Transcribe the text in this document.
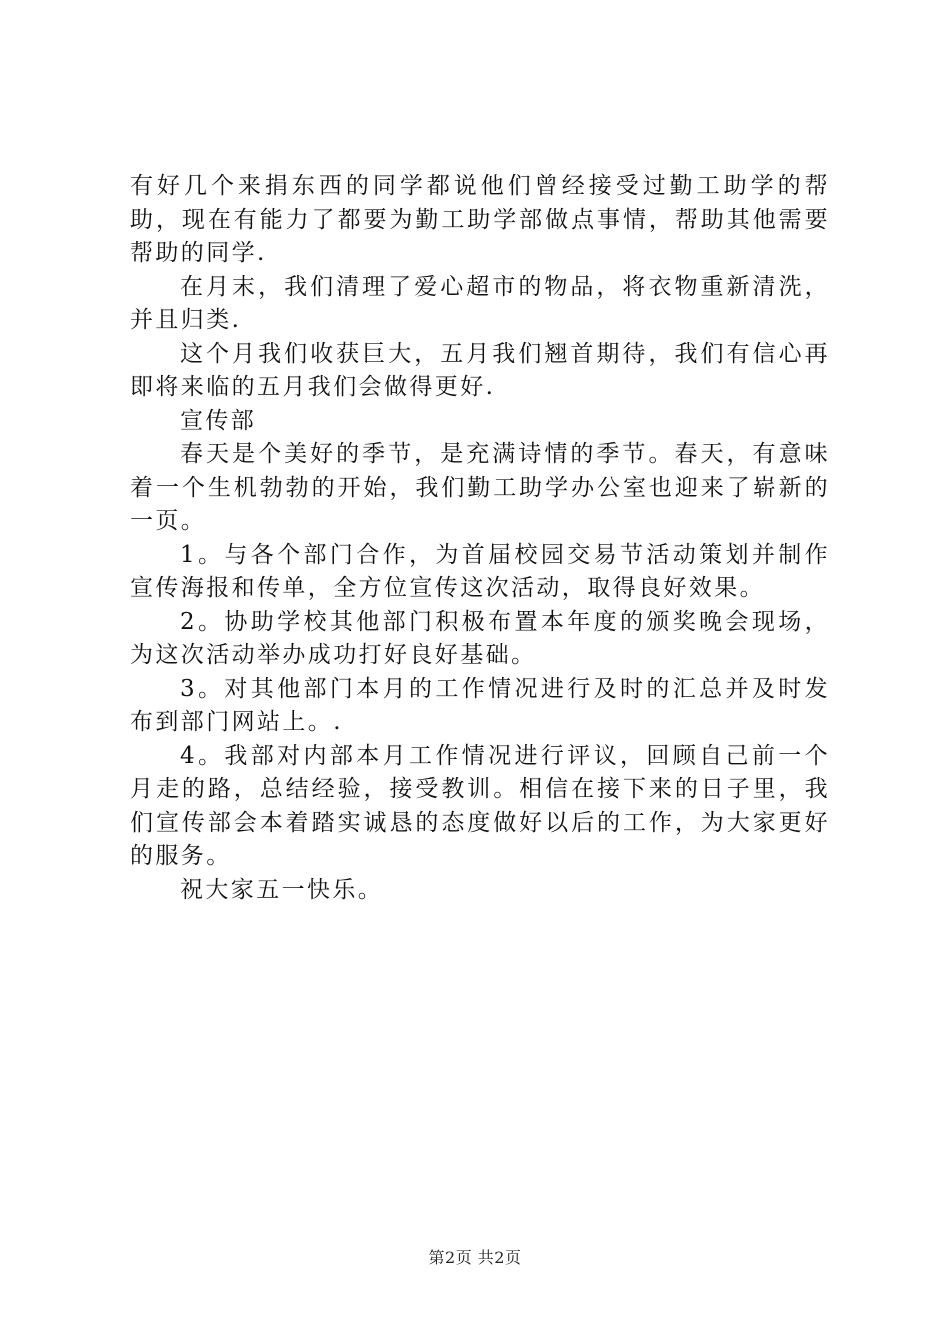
有好几个来捐东西的同学都说他们曾经接受过勤工助学的帮助，现在有能力了都要为勤工助学部做点事情，帮助其他需要帮助的同学.

在月末，我们清理了爱心超市的物品，将衣物重新清洗，并且归类.

这个月我们收获巨大，五月我们翘首期待，我们有信心再即将来临的五月我们会做得更好.

宣传部

春天是个美好的季节，是充满诗情的季节。春天，有意味着一个生机勃勃的开始，我们勤工助学办公室也迎来了崭新的一页。

1。与各个部门合作，为首届校园交易节活动策划并制作宣传海报和传单，全方位宣传这次活动，取得良好效果。

2。协助学校其他部门积极布置本年度的颁奖晚会现场，为这次活动举办成功打好良好基础。

3。对其他部门本月的工作情况进行及时的汇总并及时发布到部门网站上。.

4。我部对内部本月工作情况进行评议，回顾自己前一个月走的路，总结经验，接受教训。相信在接下来的日子里，我们宣传部会本着踏实诚恳的态度做好以后的工作，为大家更好的服务。

祝大家五一快乐。

第2页 共2页
